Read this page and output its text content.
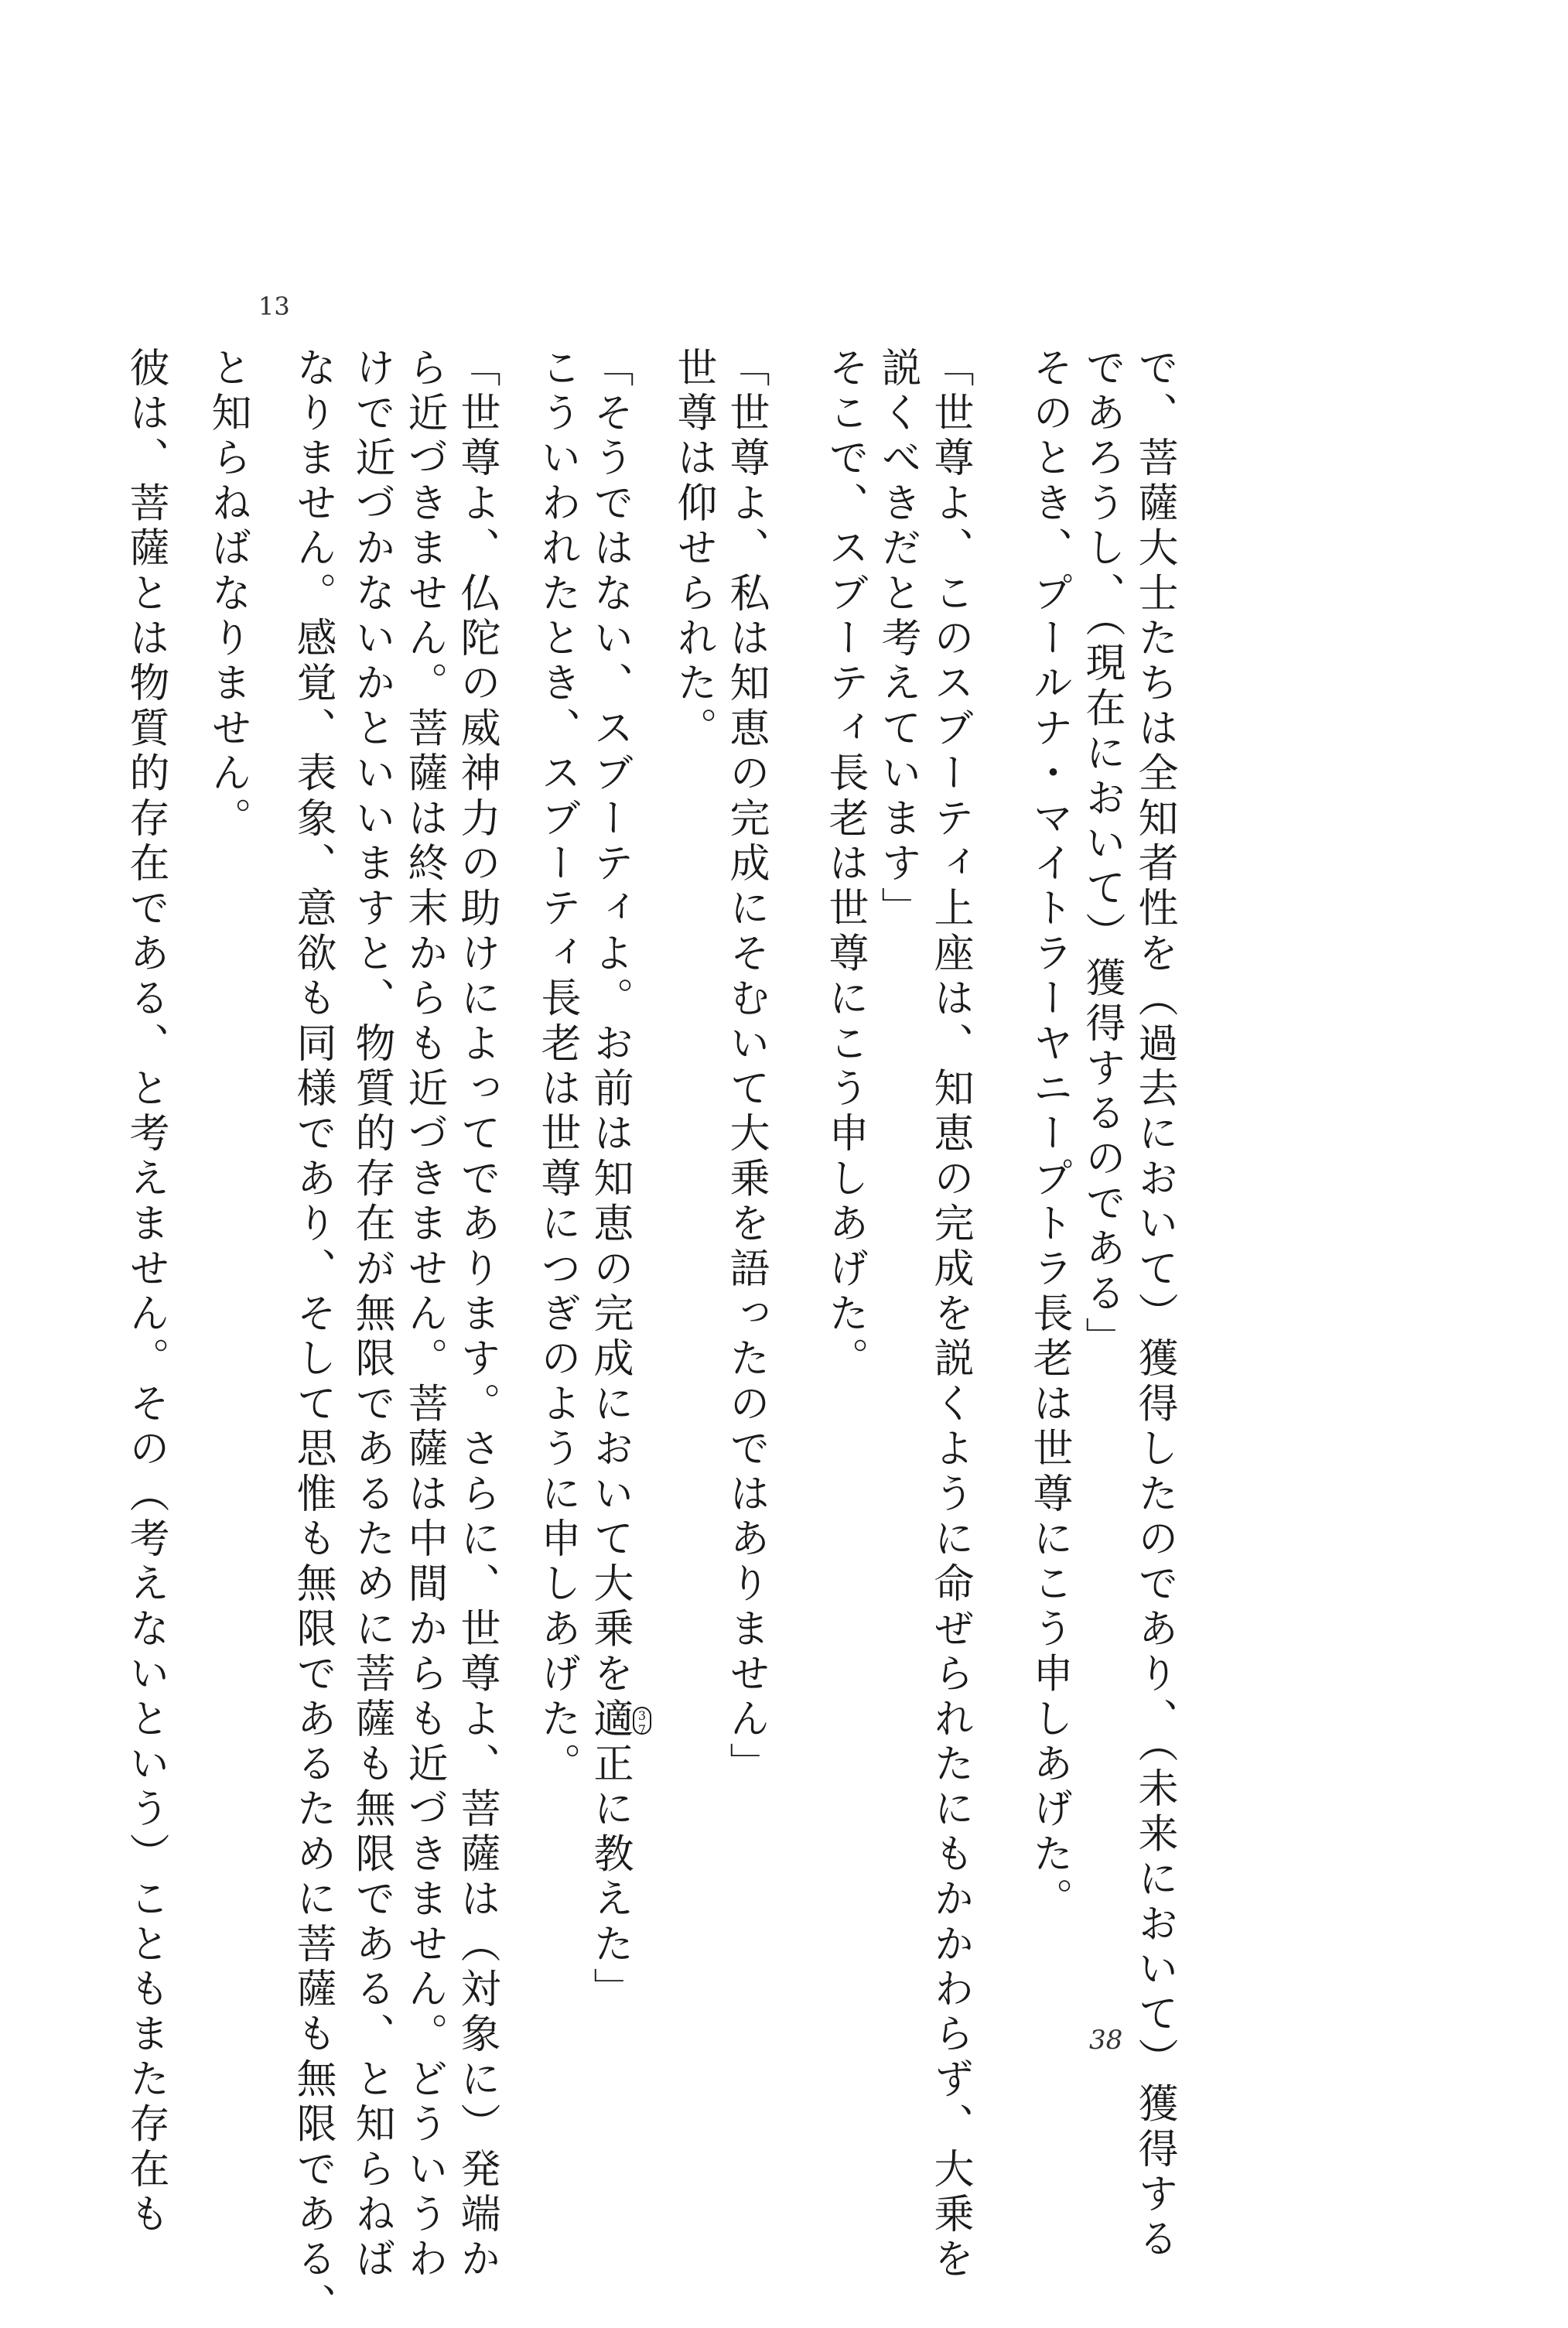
13
で、菩薩大士たちは全知者性を（過去において）獲得したのであり、（未来において）獲得する
であろうし、（現在において）獲得するのである」
そのとき、プールナ・マイトラーヤニープトラ長老は世尊にこう申しあげた。
「世尊よ、このスブーティ上座は、知恵の完成を説くように命ぜられたにもかかわらず、大乗を
説くべきだと考えています」
そこで、スブーティ長老は世尊にこう申しあげた。
「世尊よ、私は知恵の完成にそむいて大乗を語ったのではありません」
世尊は仰せられた。
「そうではない、スブーティよ。お前は知恵の完成において大乗を適正に教えた」
こういわれたとき、スブーティ長老は世尊につぎのように申しあげた。
「世尊よ、仏陀の威神力の助けによってであります。さらに、世尊よ、菩薩は（対象に）発端か
ら近づきません。菩薩は終末からも近づきません。菩薩は中間からも近づきません。どういうわ
けで近づかないかといいますと、物質的存在が無限であるために菩薩も無限である、と知らねば
なりません。感覚、表象、意欲も同様であり、そして思惟も無限であるために菩薩も無限である、
と知らねばなりません。
彼は、菩薩とは物質的存在である、と考えません。その（考えないという）こともまた存在も	37
38
